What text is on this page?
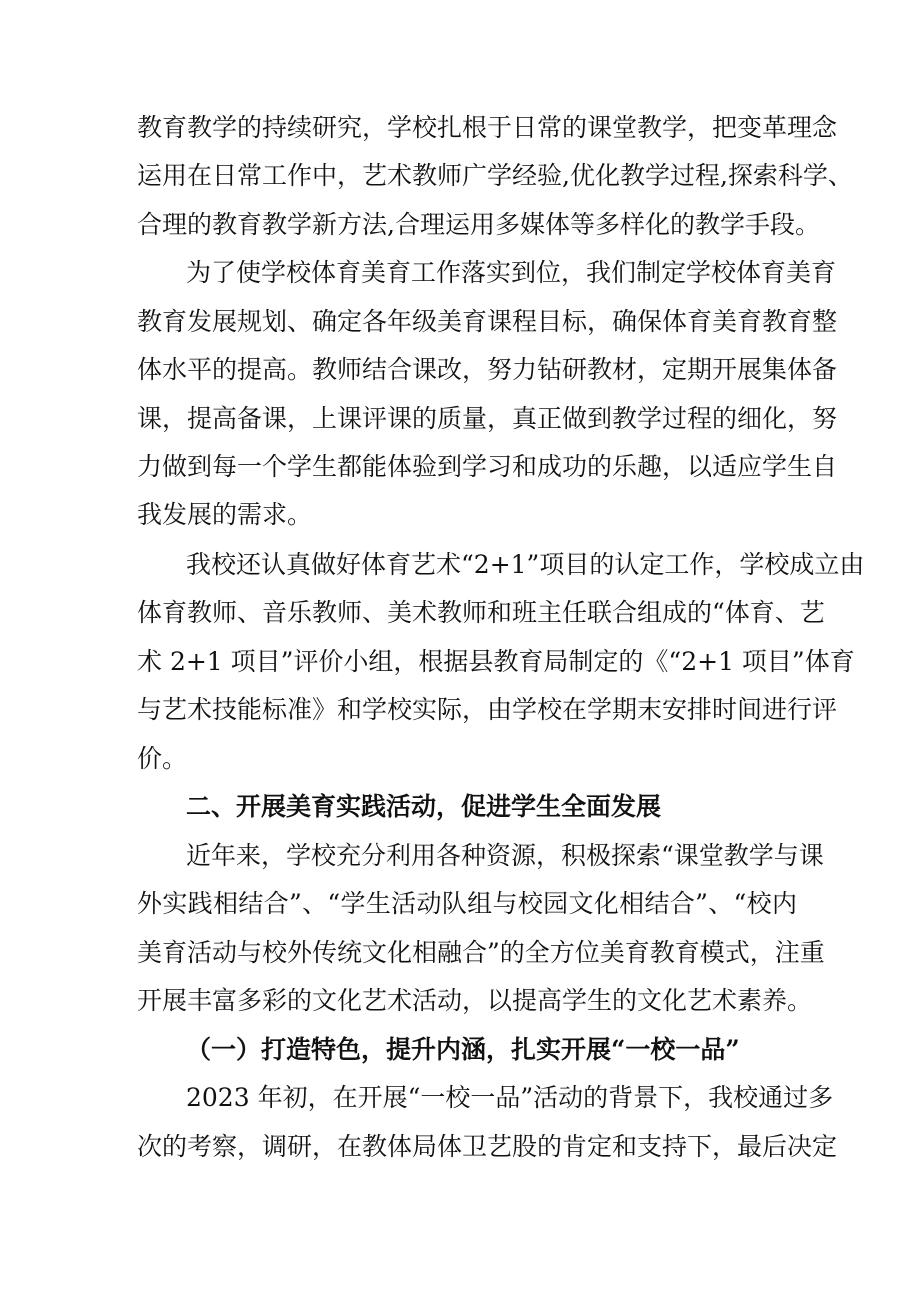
教育教学的持续研究，学校扎根于日常的课堂教学，把变革理念
运用在日常工作中，艺术教师广学经验,优化教学过程,探索科学、
合理的教育教学新方法,合理运用多媒体等多样化的教学手段。
为了使学校体育美育工作落实到位，我们制定学校体育美育
教育发展规划、确定各年级美育课程目标，确保体育美育教育整
体水平的提高。教师结合课改，努力钻研教材，定期开展集体备
课，提高备课，上课评课的质量，真正做到教学过程的细化，努
力做到每一个学生都能体验到学习和成功的乐趣，以适应学生自
我发展的需求。
我校还认真做好体育艺术“2+1”项目的认定工作，学校成立由
体育教师、音乐教师、美术教师和班主任联合组成的“体育、艺
术 2+1 项目”评价小组，根据县教育局制定的《“2+1 项目”体育
与艺术技能标准》和学校实际，由学校在学期末安排时间进行评
价。
二、开展美育实践活动，促进学生全面发展
近年来，学校充分利用各种资源，积极探索“课堂教学与课
外实践相结合”、“学生活动队组与校园文化相结合”、“校内
美育活动与校外传统文化相融合”的全方位美育教育模式，注重
开展丰富多彩的文化艺术活动，以提高学生的文化艺术素养。
（一）打造特色，提升内涵，扎实开展“一校一品”
2023 年初，在开展“一校一品”活动的背景下，我校通过多
次的考察，调研，在教体局体卫艺股的肯定和支持下，最后决定
